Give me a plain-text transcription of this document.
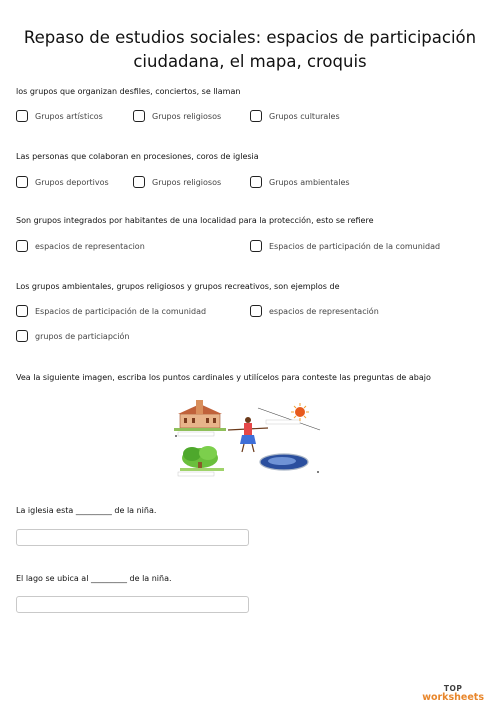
Repaso de estudios sociales: espacios de participación
ciudadana, el mapa, croquis
los grupos que organizan desfiles, conciertos, se llaman
Grupos artísticos	Grupos religiosos	Grupos culturales
Las personas que colaboran en procesiones, coros de iglesia
Grupos deportivos	Grupos religiosos	Grupos ambientales
Son grupos integrados por habitantes de una localidad para la protección, esto se refiere
espacios de representacion	Espacios de participación de la comunidad
Los grupos ambientales, grupos religiosos y grupos recreativos, son ejemplos de
Espacios de participación de la comunidad	espacios de representación
grupos de particiapción
Vea la siguiente imagen, escriba los puntos cardinales y utilícelos para conteste las preguntas de abajo
La iglesia esta _________ de la niña.
El lago se ubica al _________ de la niña.
TOP
worksheets
